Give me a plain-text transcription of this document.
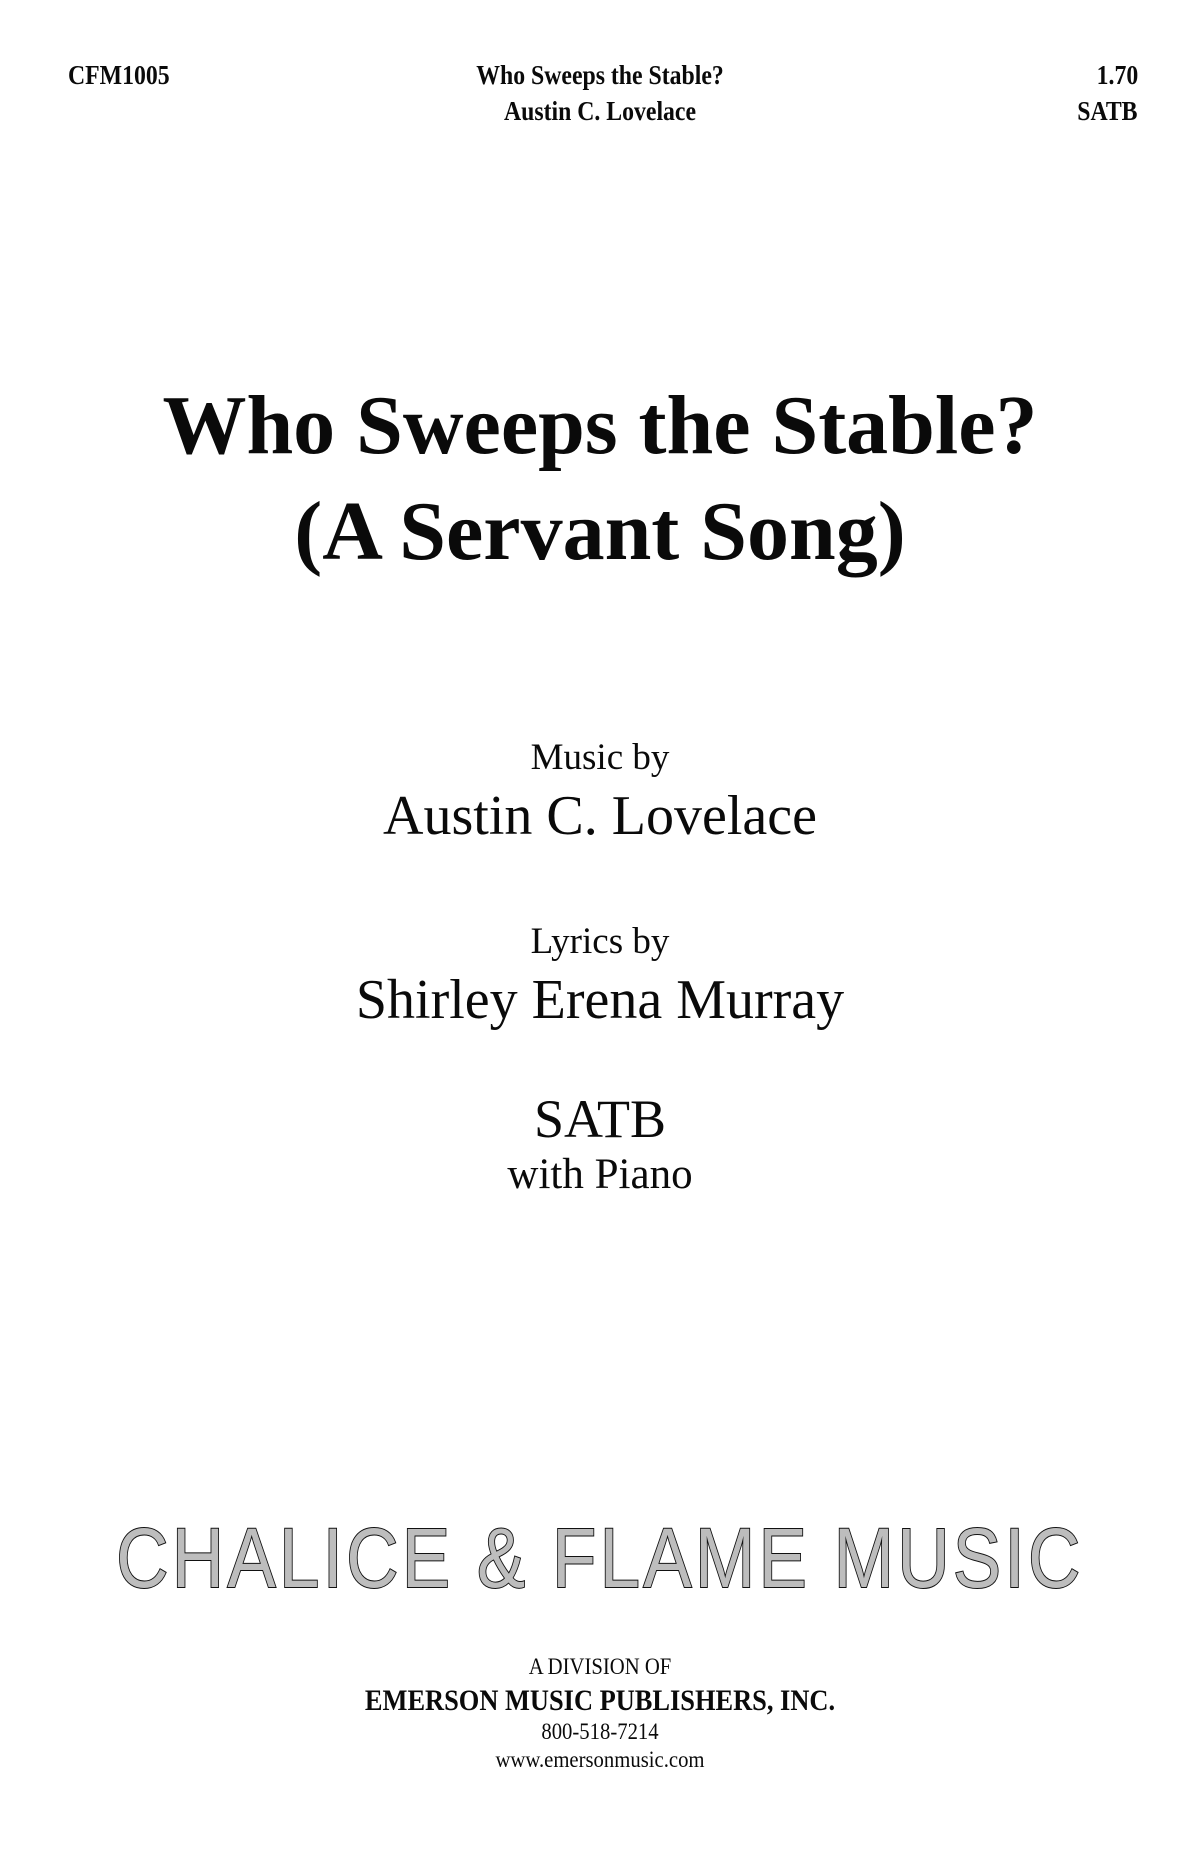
CFM1005	Who Sweeps the Stable?
Austin C. Lovelace
1.70
SATB
Who Sweeps the Stable?
(A Servant Song)
Music by
Austin C. Lovelace
Lyrics by
Shirley Erena Murray
SATB
with Piano
CHALICE & FLAME MUSIC
A DIVISION OF
EMERSON MUSIC PUBLISHERS, INC.
800-518-7214
www.emersonmusic.com
